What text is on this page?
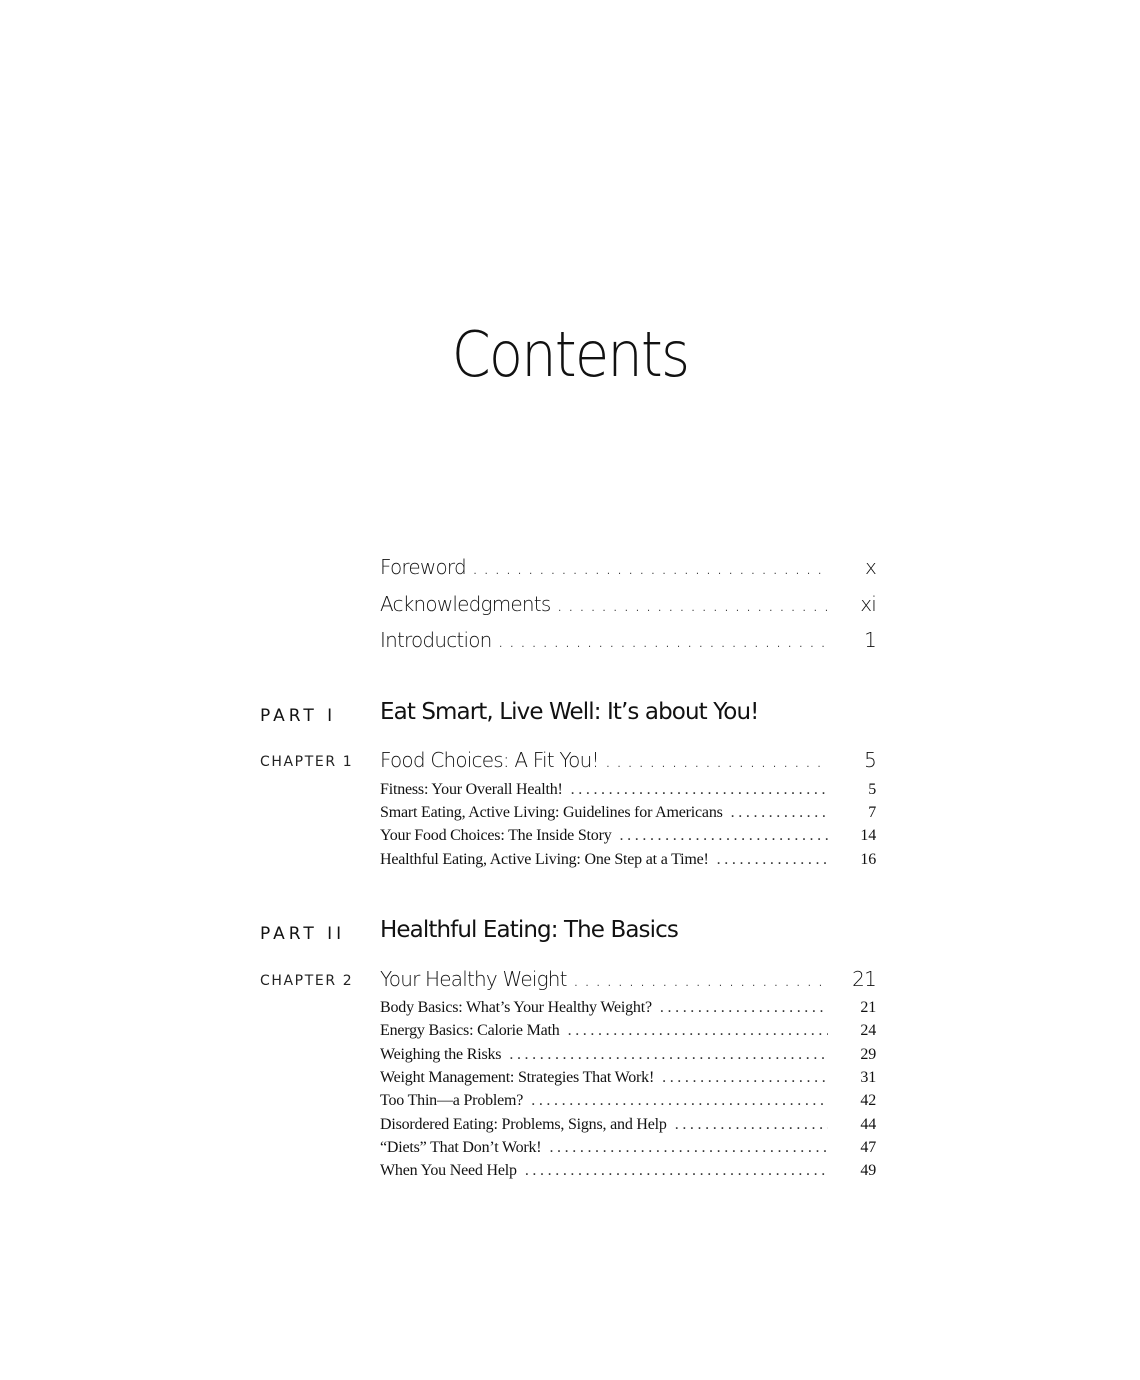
Contents
Foreword . . .	x
Acknowledgments . . .	xi
Introduction . . .	1
PART I Eat Smart, Live Well: It’s about You!
CHAPTER 1 Food Choices: A Fit You! . . .	5
Fitness: Your Overall Health! . . .	5
Smart Eating, Active Living: Guidelines for Americans . . .	7
Your Food Choices: The Inside Story . . .	14
Healthful Eating, Active Living: One Step at a Time! . . .	16
PART II Healthful Eating: The Basics
CHAPTER 2 Your Healthy Weight . . .	21
Body Basics: What’s Your Healthy Weight? . . .	21
Energy Basics: Calorie Math . . .	24
Weighing the Risks . . .	29
Weight Management: Strategies That Work! . . .	31
Too Thin—a Problem? . . .	42
Disordered Eating: Problems, Signs, and Help . . .	44
“Diets” That Don’t Work! . . .	47
When You Need Help . . .	49
